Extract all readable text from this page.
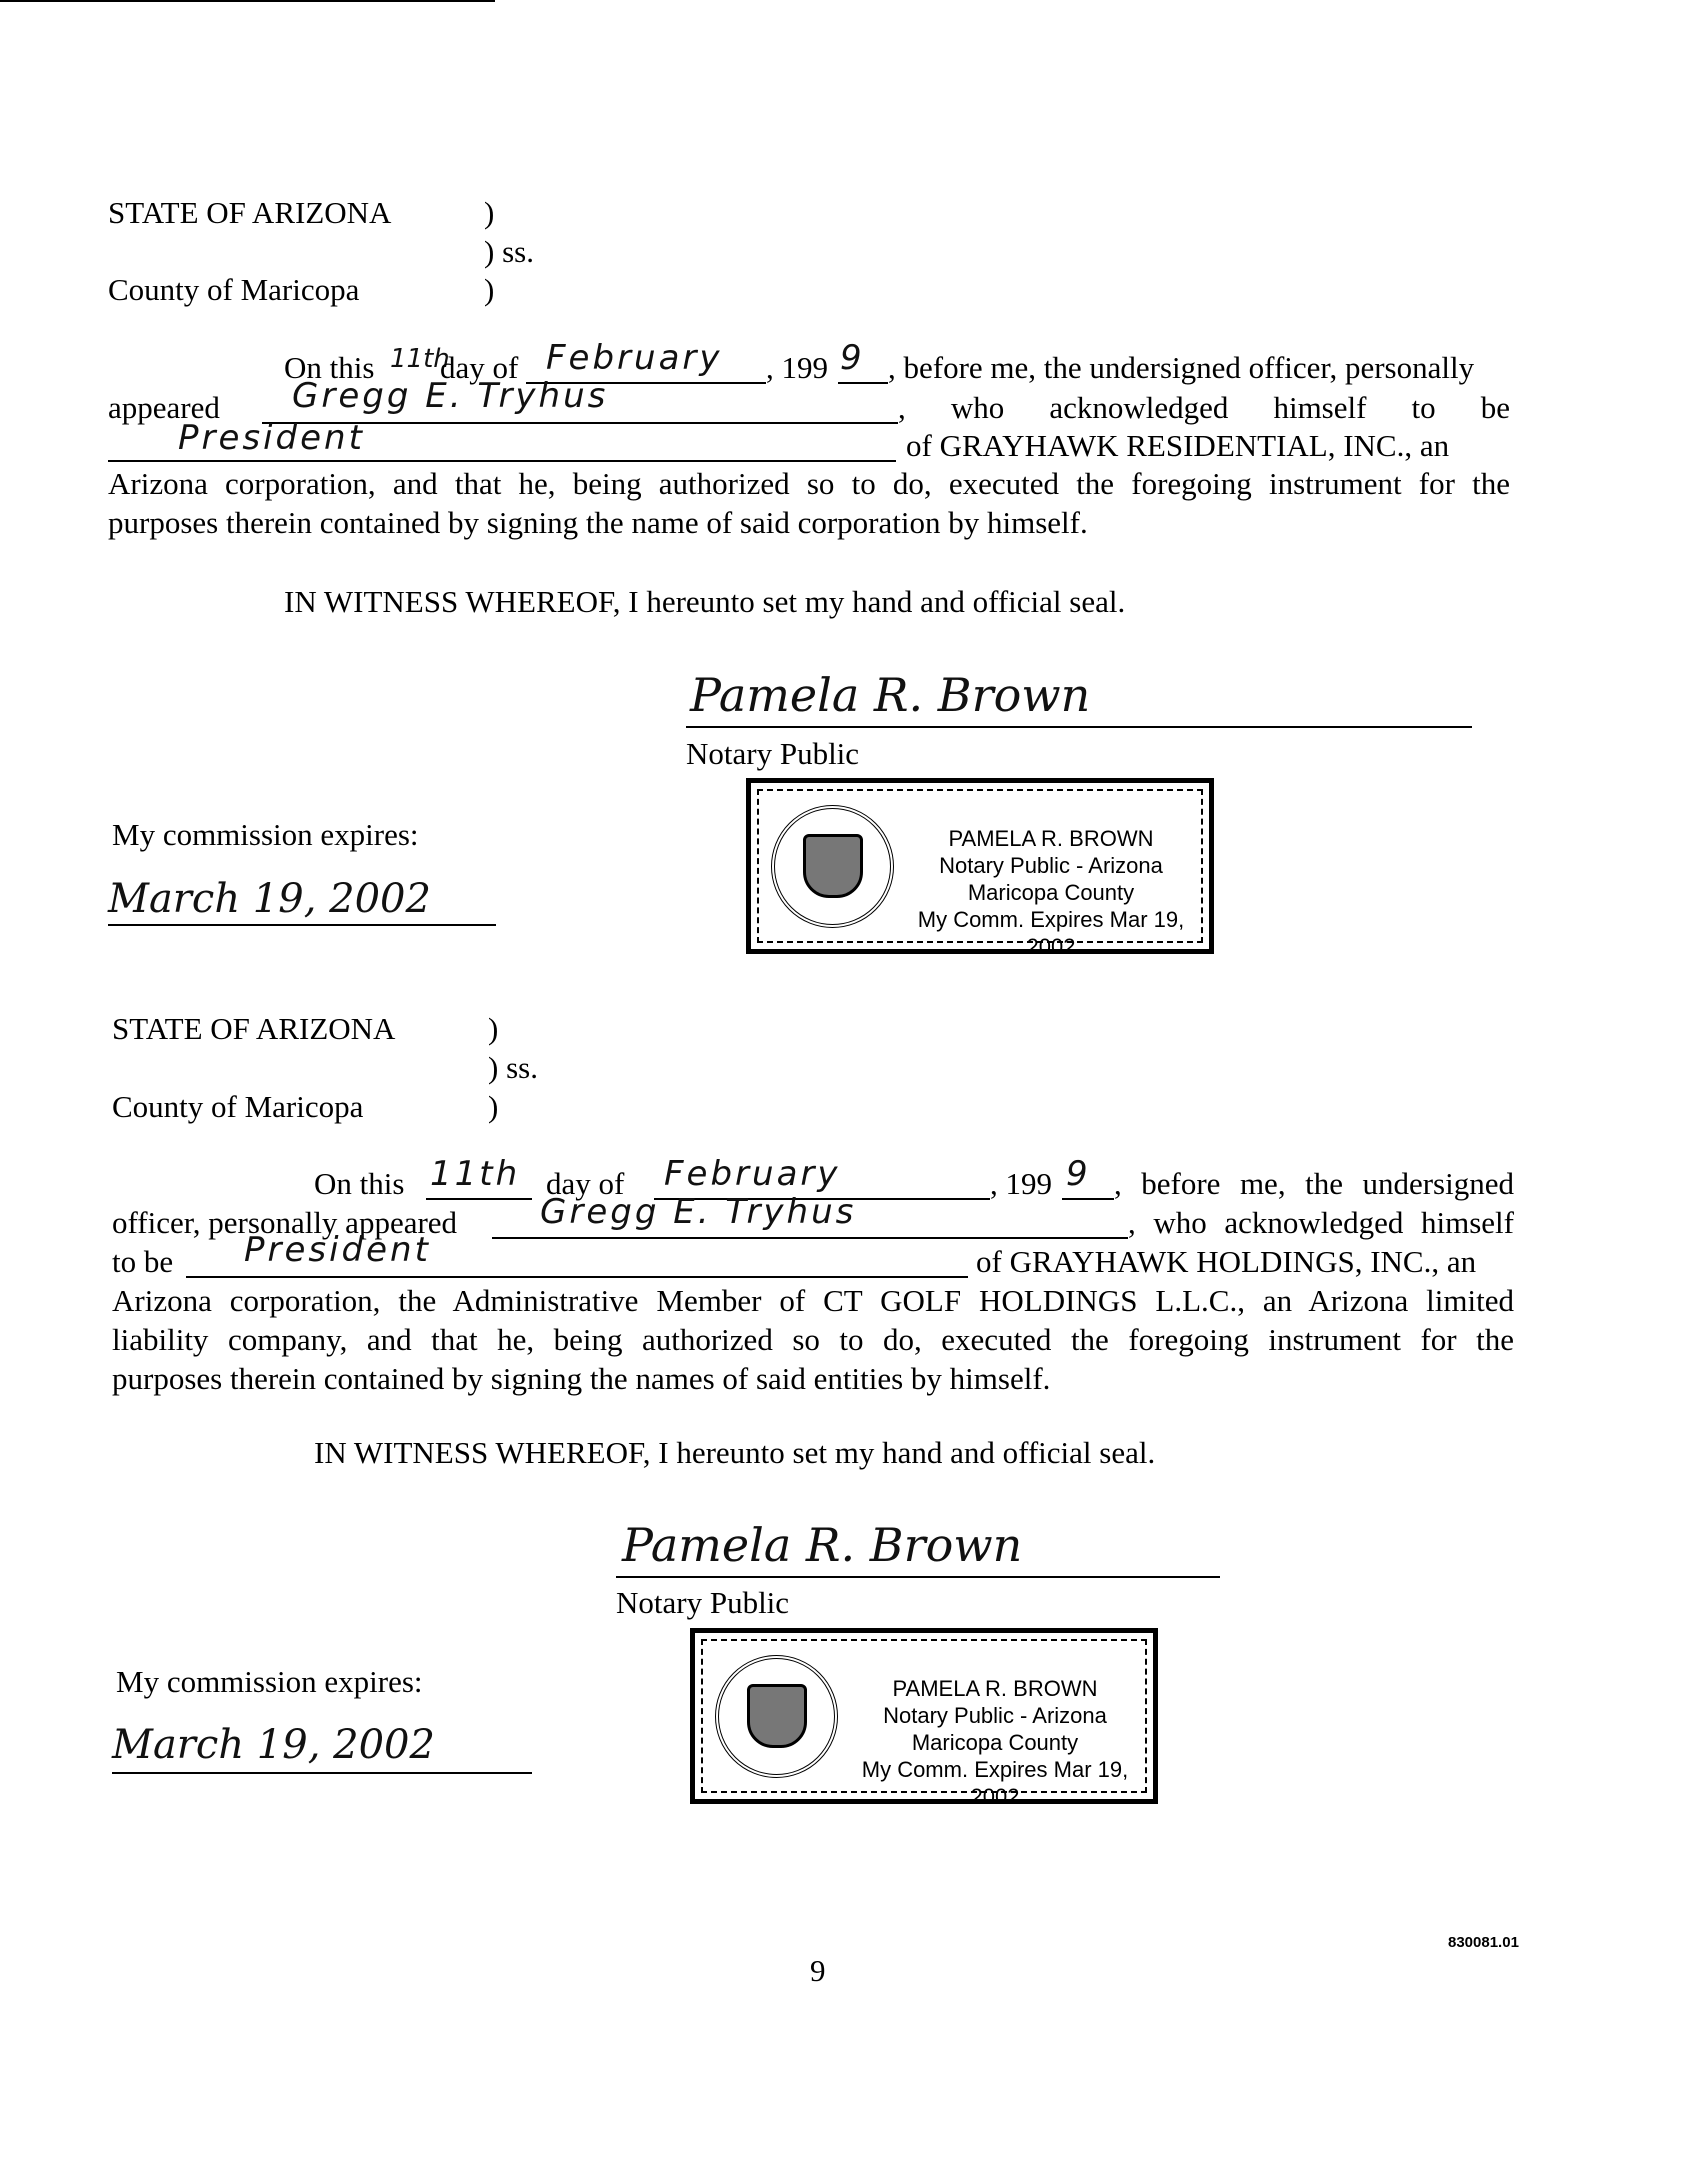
STATE OF ARIZONA	)
) ss.
County of Maricopa	)
On this 11th
day of February , 199 9 , before me, the undersigned officer, personally
appeared Gregg E. Tryhus	, who acknowledged himself to be
President	of GRAYHAWK RESIDENTIAL, INC., an
Arizona corporation, and that he, being authorized so to do, executed the foregoing instrument for the
purposes therein contained by signing the name of said corporation by himself.
IN WITNESS WHEREOF, I hereunto set my hand and official seal.
Pamela R. Brown
Notary Public
My commission expires:
March 19, 2002
PAMELA R. BROWN
Notary Public - Arizona
Maricopa County
My Comm. Expires Mar 19, 2002
STATE OF ARIZONA	)
) ss.
County of Maricopa	)
On this 11th day of February	, 199 9 , before me, the undersigned
officer, personally appeared Gregg E. Tryhus	, who acknowledged himself
to be President	of GRAYHAWK HOLDINGS, INC., an
Arizona corporation, the Administrative Member of CT GOLF HOLDINGS L.L.C., an Arizona limited
liability company, and that he, being authorized so to do, executed the foregoing instrument for the
purposes therein contained by signing the names of said entities by himself.
IN WITNESS WHEREOF, I hereunto set my hand and official seal.
Pamela R. Brown
Notary Public
My commission expires:
March 19, 2002
PAMELA R. BROWN
Notary Public - Arizona
Maricopa County
My Comm. Expires Mar 19, 2002
830081.01
9
